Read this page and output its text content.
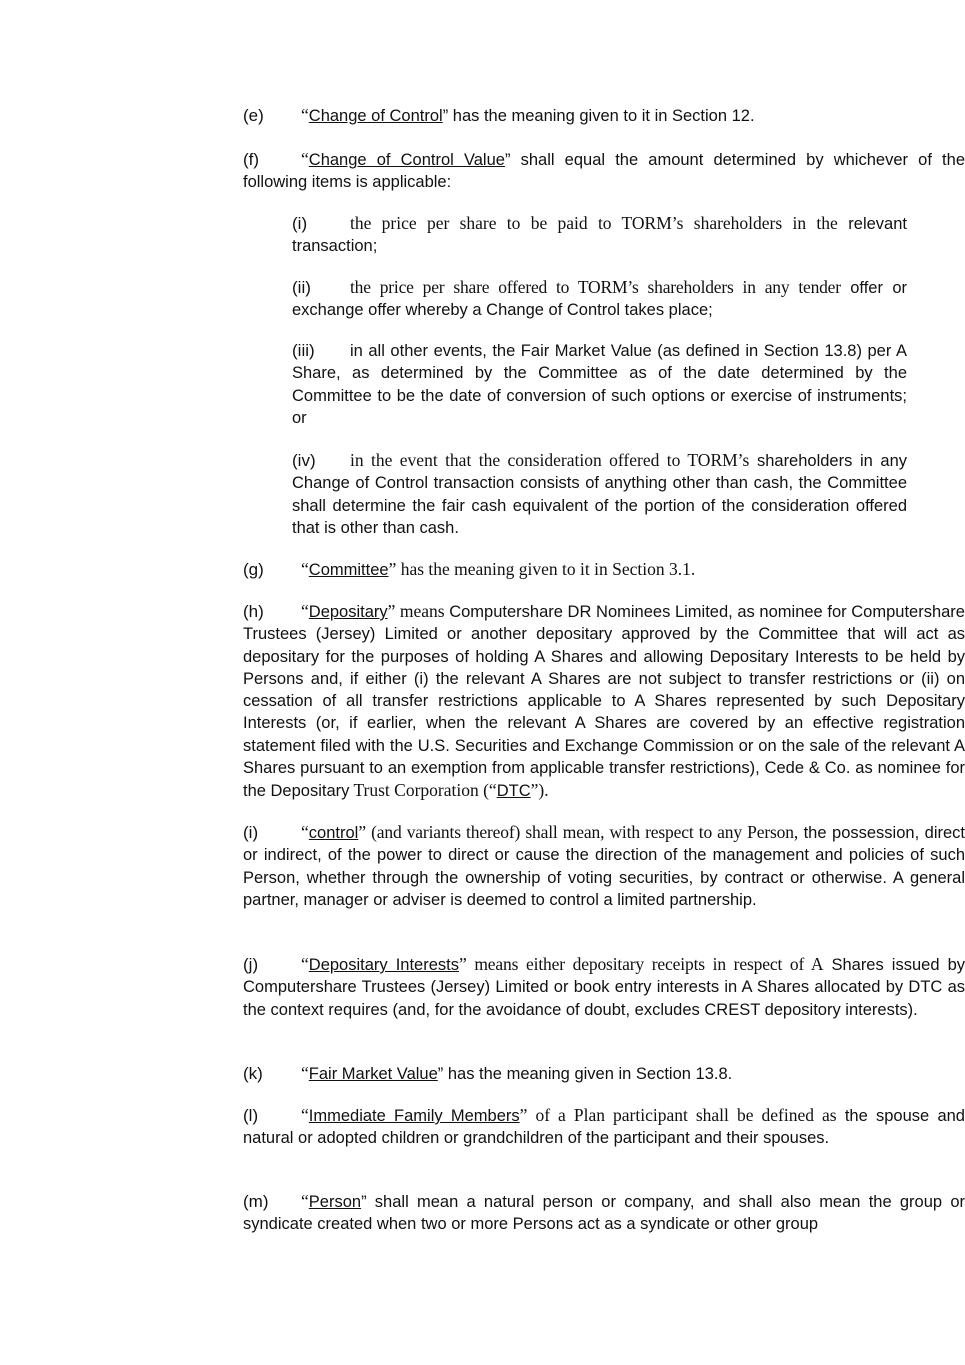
(e) “Change of Control” has the meaning given to it in Section 12.

(f) “Change of Control Value” shall equal the amount determined by whichever of the following items is applicable:

(i) the price per share to be paid to TORM’s shareholders in the relevant transaction;

(ii) the price per share offered to TORM’s shareholders in any tender offer or exchange offer whereby a Change of Control takes place;

(iii) in all other events, the Fair Market Value (as defined in Section 13.8) per A Share, as determined by the Committee as of the date determined by the Committee to be the date of conversion of such options or exercise of instruments; or

(iv) in the event that the consideration offered to TORM’s shareholders in any Change of Control transaction consists of anything other than cash, the Committee shall determine the fair cash equivalent of the portion of the consideration offered that is other than cash.

(g) “Committee” has the meaning given to it in Section 3.1.

(h) “Depositary” means Computershare DR Nominees Limited, as nominee for Computershare Trustees (Jersey) Limited or another depositary approved by the Committee that will act as depositary for the purposes of holding A Shares and allowing Depositary Interests to be held by Persons and, if either (i) the relevant A Shares are not subject to transfer restrictions or (ii) on cessation of all transfer restrictions applicable to A Shares represented by such Depositary Interests (or, if earlier, when the relevant A Shares are covered by an effective registration statement filed with the U.S. Securities and Exchange Commission or on the sale of the relevant A Shares pursuant to an exemption from applicable transfer restrictions), Cede & Co. as nominee for the Depositary Trust Corporation (“DTC”).

(i) “control” (and variants thereof) shall mean, with respect to any Person, the possession, direct or indirect, of the power to direct or cause the direction of the management and policies of such Person, whether through the ownership of voting securities, by contract or otherwise. A general partner, manager or adviser is deemed to control a limited partnership.

(j) “Depositary Interests” means either depositary receipts in respect of A Shares issued by Computershare Trustees (Jersey) Limited or book entry interests in A Shares allocated by DTC as the context requires (and, for the avoidance of doubt, excludes CREST depository interests).

(k) “Fair Market Value” has the meaning given in Section 13.8.

(l) “Immediate Family Members” of a Plan participant shall be defined as the spouse and natural or adopted children or grandchildren of the participant and their spouses.

(m) “Person” shall mean a natural person or company, and shall also mean the group or syndicate created when two or more Persons act as a syndicate or other group
